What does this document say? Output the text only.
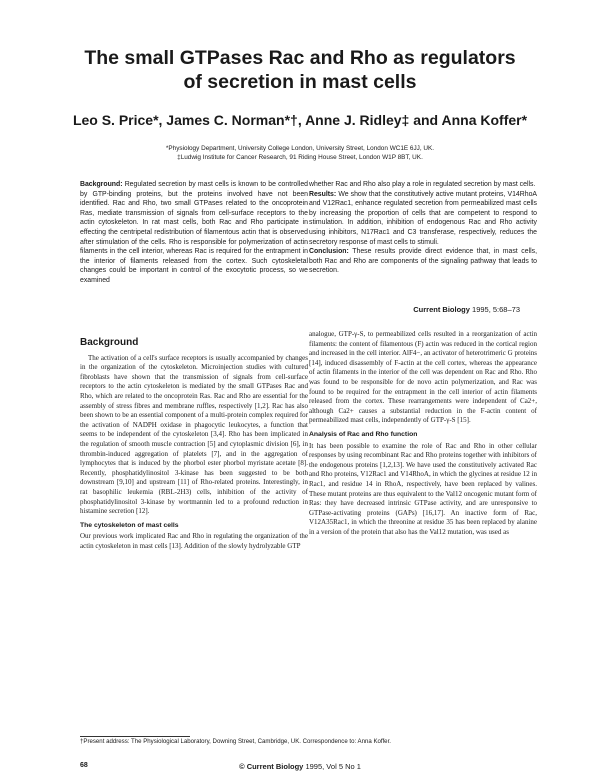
The small GTPases Rac and Rho as regulators
of secretion in mast cells

Leo S. Price*, James C. Norman*†, Anne J. Ridley‡ and Anna Koffer*

*Physiology Department, University College London, University Street, London WC1E 6JJ, UK.
‡Ludwig Institute for Cancer Research, 91 Riding House Street, London W1P 8BT, UK.

Background: Regulated secretion by mast cells is known to be controlled by GTP-binding proteins, but the proteins involved have not been identified. Rac and Rho, two small GTPases related to the oncoprotein Ras, mediate transmission of signals from cell-surface receptors to the actin cytoskeleton. In rat mast cells, both Rac and Rho participate in effecting the centripetal redistribution of filamentous actin that is observed after stimulation of the cells. Rho is responsible for polymerization of actin filaments in the cell interior, whereas Rac is required for the entrapment in the interior of filaments released from the cortex. Such cytoskeletal changes could be important in control of the exocytotic process, so we examined

whether Rac and Rho also play a role in regulated secretion by mast cells.

Results: We show that the constitutively active mutant proteins, V14RhoA and V12Rac1, enhance regulated secretion from permeabilized mast cells by increasing the proportion of cells that are competent to respond to stimulation. In addition, inhibition of endogenous Rac and Rho activity using inhibitors, N17Rac1 and C3 transferase, respectively, reduces the secretory response of mast cells to stimuli.

Conclusion: These results provide direct evidence that, in mast cells, both Rac and Rho are components of the signaling pathway that leads to secretion.

Current Biology 1995, 5:68–73

Background

The activation of a cell's surface receptors is usually accompanied by changes in the organization of the cytoskeleton. Microinjection studies with cultured fibroblasts have shown that the transmission of signals from cell-surface receptors to the actin cytoskeleton is mediated by the small GTPases Rac and Rho, which are related to the oncoprotein Ras. Rac and Rho are essential for the assembly of stress fibres and membrane ruffles, respectively [1,2]. Rac has also been shown to be an essential component of a multi-protein complex required for the activation of NADPH oxidase in phagocytic leukocytes, a function that seems to be independent of the cytoskeleton [3,4]. Rho has been implicated in the regulation of smooth muscle contraction [5] and cytoplasmic division [6], in thrombin-induced aggregation of platelets [7], and in the aggregation of lymphocytes that is induced by the phorbol ester phorbol myristate acetate [8]. Recently, phosphatidylinositol 3-kinase has been suggested to be both downstream [9,10] and upstream [11] of Rho-related proteins. Interestingly, in rat basophilic leukemia (RBL-2H3) cells, inhibition of the activity of phosphatidylinositol 3-kinase by wortmannin led to a profound reduction in histamine secretion [12].

The cytoskeleton of mast cells

Our previous work implicated Rac and Rho in regulating the organization of the actin cytoskeleton in mast cells [13]. Addition of the slowly hydrolyzable GTP

analogue, GTP-γ-S, to permeabilized cells resulted in a reorganization of actin filaments: the content of filamentous (F) actin was reduced in the cortical region and increased in the cell interior. AlF4−, an activator of heterotrimeric G proteins [14], induced disassembly of F-actin at the cell cortex, whereas the appearance of actin filaments in the interior of the cell was dependent on Rac and Rho. Rho was found to be responsible for de novo actin polymerization, and Rac was found to be required for the entrapment in the cell interior of actin filaments released from the cortex. These rearrangements were independent of Ca2+, although Ca2+ causes a substantial reduction in the F-actin content of permeabilized mast cells, independently of GTP-γ-S [15].

Analysis of Rac and Rho function

It has been possible to examine the role of Rac and Rho in other cellular responses by using recombinant Rac and Rho proteins together with inhibitors of the endogenous proteins [1,2,13]. We have used the constitutively activated Rac and Rho proteins, V12Rac1 and V14RhoA, in which the glycines at residue 12 in Rac1, and residue 14 in RhoA, respectively, have been replaced by valines. These mutant proteins are thus equivalent to the Val12 oncogenic mutant form of Ras: they have decreased intrinsic GTPase activity, and are unresponsive to GTPase-activating proteins (GAPs) [16,17]. An inactive form of Rac, V12A35Rac1, in which the threonine at residue 35 has been replaced by alanine in a version of the protein that also has the Val12 mutation, was used as

†Present address: The Physiological Laboratory, Downing Street, Cambridge, UK. Correspondence to: Anna Koffer.

68	© Current Biology 1995, Vol 5 No 1
